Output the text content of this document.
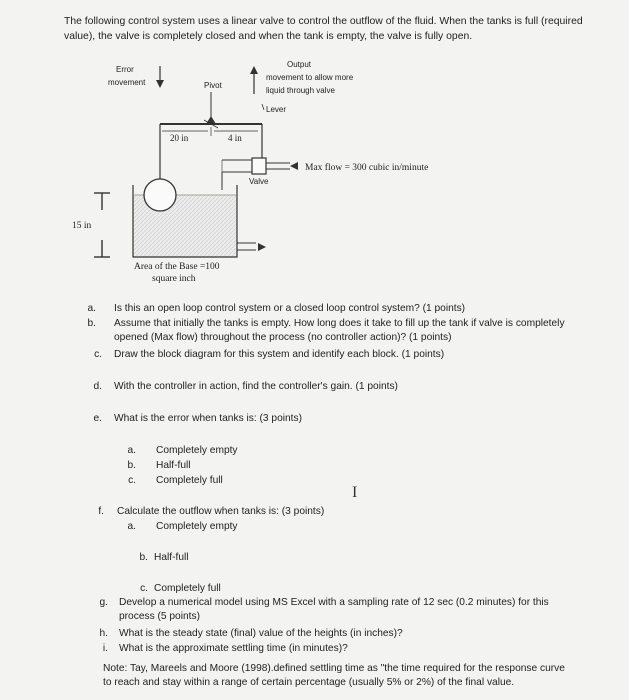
The following control system uses a linear valve to control the outflow of the fluid. When the tanks is full (required value), the valve is completely closed and when the tank is empty, the valve is fully open.
Error
movement	Pivot
Output
movement to allow more
liquid through valve
Lever
20 in	4 in
Max flow = 300 cubic in/minute
Valve
15 in
Area of the Base =100
square inch
a. Is this an open loop control system or a closed loop control system? (1 points)
b. Assume that initially the tanks is empty. How long does it take to fill up the tank if valve is completely opened (Max flow) throughout the process (no controller action)? (1 points)
c. Draw the block diagram for this system and identify each block. (1 points)
d. With the controller in action, find the controller's gain. (1 points)
e. What is the error when tanks is: (3 points)
a. Completely empty
b. Half-full
c. Completely full
I
f. Calculate the outflow when tanks is: (3 points)
a. Completely empty
b. Half-full
c. Completely full
g. Develop a numerical model using MS Excel with a sampling rate of 12 sec (0.2 minutes) for this process (5 points)
h. What is the steady state (final) value of the heights (in inches)?
i. What is the approximate settling time (in minutes)?
Note: Tay, Mareels and Moore (1998).defined settling time as "the time required for the response curve to reach and stay within a range of certain percentage (usually 5% or 2%) of the final value.
